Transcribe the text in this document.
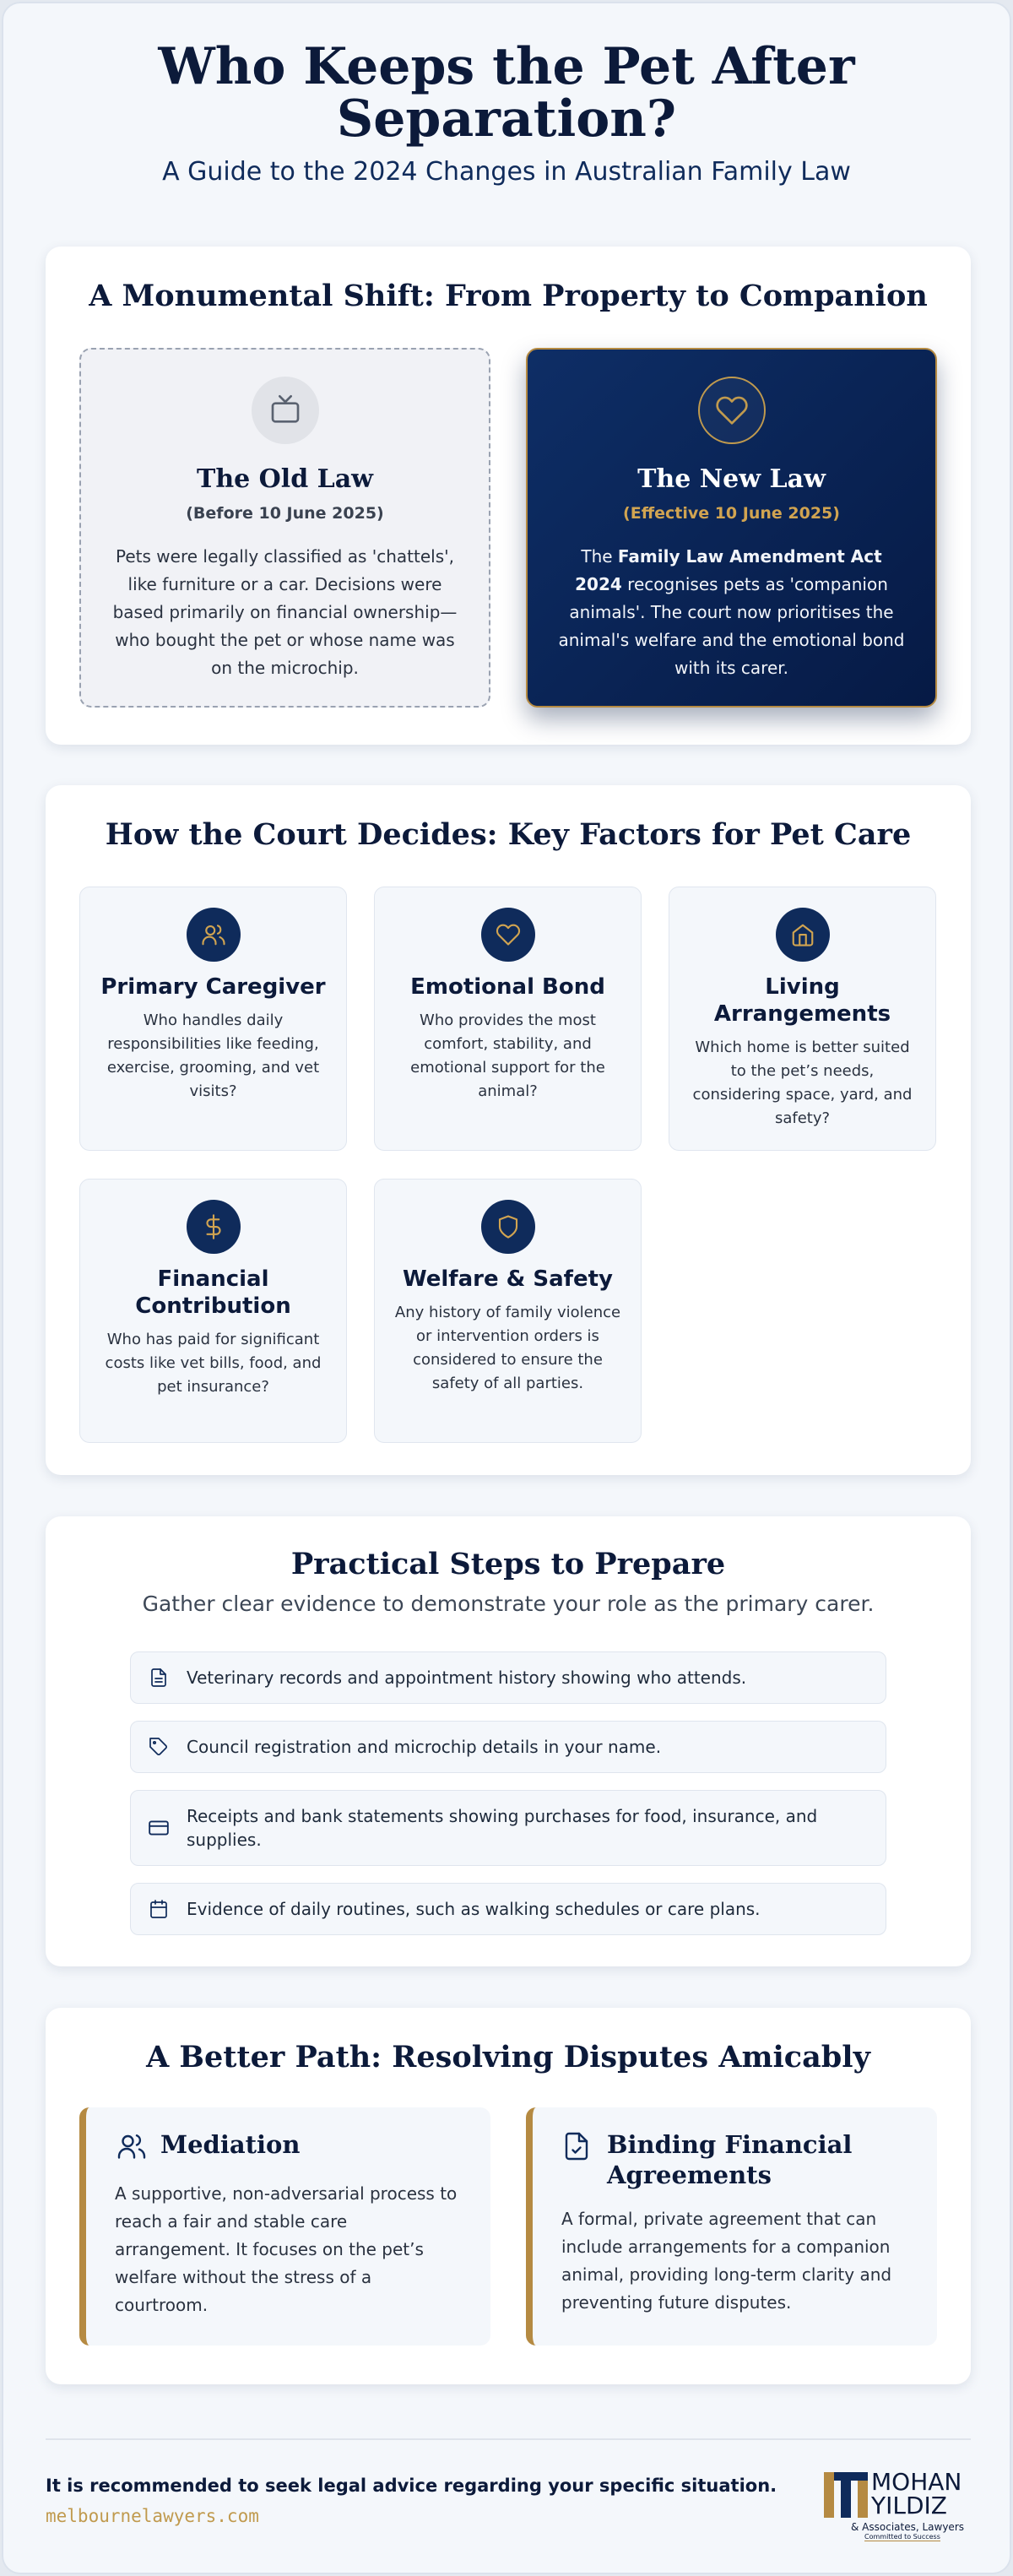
Who Keeps the Pet After Separation?
A Guide to the 2024 Changes in Australian Family Law
A Monumental Shift: From Property to Companion
The Old Law
(Before 10 June 2025)
Pets were legally classified as 'chattels', like furniture or a car. Decisions were based primarily on financial ownership—who bought the pet or whose name was on the microchip.
The New Law
(Effective 10 June 2025)
The Family Law Amendment Act 2024 recognises pets as 'companion animals'. The court now prioritises the animal's welfare and the emotional bond with its carer.
How the Court Decides: Key Factors for Pet Care
Primary Caregiver
Who handles daily responsibilities like feeding, exercise, grooming, and vet visits?
Emotional Bond
Who provides the most comfort, stability, and emotional support for the animal?
Living Arrangements
Which home is better suited to the pet’s needs, considering space, yard, and safety?
Financial Contribution
Who has paid for significant costs like vet bills, food, and pet insurance?
Welfare & Safety
Any history of family violence or intervention orders is considered to ensure the safety of all parties.
Practical Steps to Prepare
Gather clear evidence to demonstrate your role as the primary carer.
Veterinary records and appointment history showing who attends.
Council registration and microchip details in your name.
Receipts and bank statements showing purchases for food, insurance, and supplies.
Evidence of daily routines, such as walking schedules or care plans.
A Better Path: Resolving Disputes Amicably
Mediation
A supportive, non-adversarial process to reach a fair and stable care arrangement. It focuses on the pet’s welfare without the stress of a courtroom.
Binding Financial Agreements
A formal, private agreement that can include arrangements for a companion animal, providing long-term clarity and preventing future disputes.
It is recommended to seek legal advice regarding your specific situation.
melbournelawyers.com
MOHAN
YILDIZ
& Associates, Lawyers
Committed to Success
